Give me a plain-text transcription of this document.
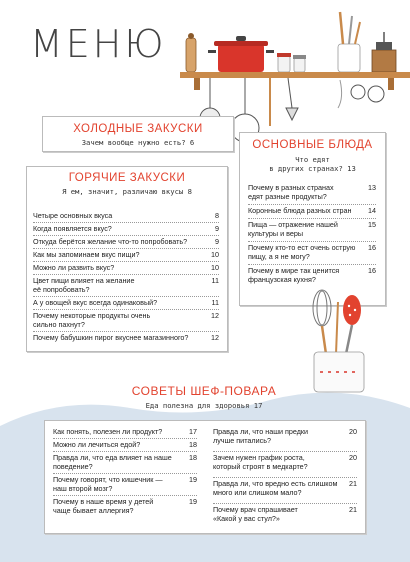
МЕНЮ
ХОЛОДНЫЕ ЗАКУСКИ
Зачем вообще нужно есть? 6	ОСНОВНЫЕ БЛЮДА
Что едят
в других странах? 13
Почему в разных странах
едят разные продукты?
13
Коронные блюда разных стран 14
Пища — отражение нашей
культуры и веры
15
Почему кто-то ест очень острую
пищу, а я не могу?
16
Почему в мире так ценится
французская кухня?
16
ГОРЯЧИЕ ЗАКУСКИ
Я ем, значит, различаю вкусы 8
Четыре основных вкуса	8
Когда появляется вкус?	9
Откуда берётся желание что-то попробовать?	9
Как мы запоминаем вкус пищи?	10
Можно ли развить вкус?	10
Цвет пищи влияет на желание
её попробовать?
11
А у овощей вкус всегда одинаковый?	11
Почему некоторые продукты очень
сильно пахнут?
12
Почему бабушкин пирог вкуснее магазинного?	12
Как понять, полезен ли продукт?	17
Можно ли лечиться едой?	18
Правда ли, что еда влияет на наше
поведение?
18
Почему говорят, что кишечник —
наш второй мозг?
19
Почему в наше время у детей
чаще бывает аллергия?
19
Правда ли, что наши предки
лучше питались?
20
Зачем нужен график роста,
который строят в медкарте?
20
Правда ли, что вредно есть слишком
много или слишком мало?
21
Почему врач спрашивает
«Какой у вас стул?»
21
СОВЕТЫ ШЕФ-ПОВАРА
Еда полезна для здоровья 17
